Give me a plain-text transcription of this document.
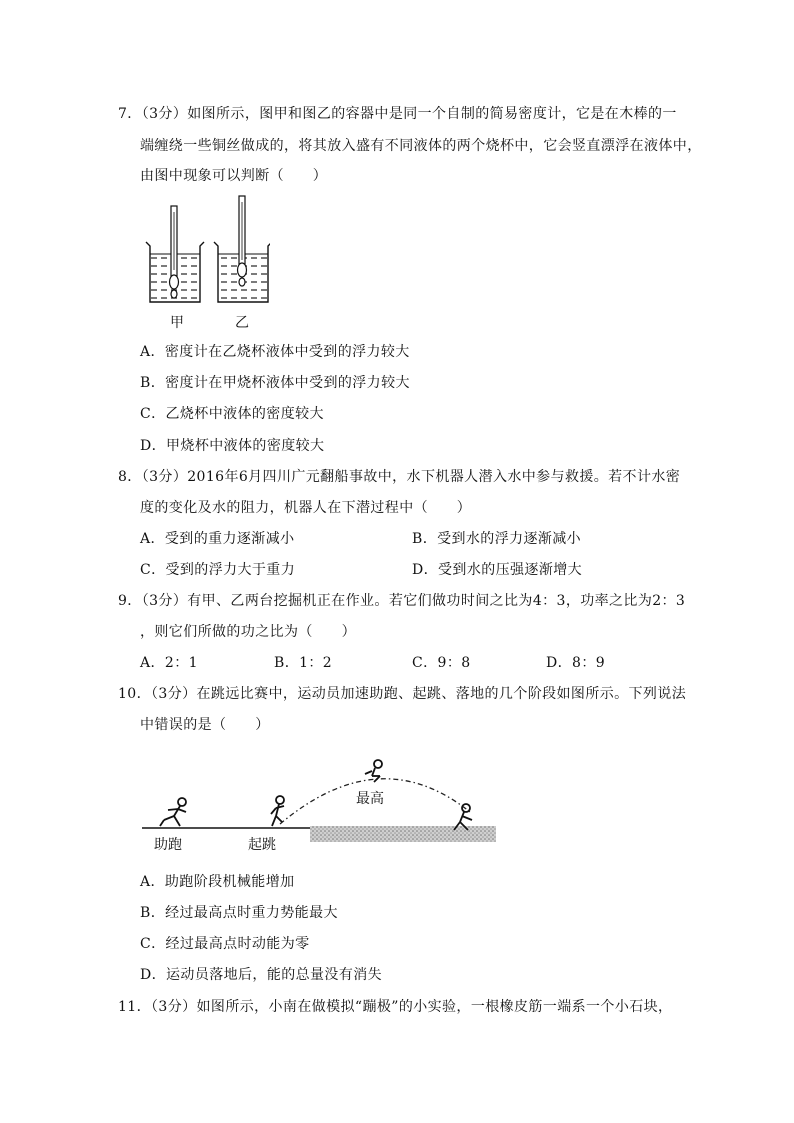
7．（3分）如图所示，图甲和图乙的容器中是同一个自制的简易密度计，它是在木棒的一
端缠绕一些铜丝做成的，将其放入盛有不同液体的两个烧杯中，它会竖直漂浮在液体中，
由图中现象可以判断（　　）
甲	乙
A．密度计在乙烧杯液体中受到的浮力较大
B．密度计在甲烧杯液体中受到的浮力较大
C．乙烧杯中液体的密度较大
D．甲烧杯中液体的密度较大
8．（3分）2016年6月四川广元翻船事故中，水下机器人潜入水中参与救援。若不计水密
度的变化及水的阻力，机器人在下潜过程中（　　）
A．受到的重力逐渐减小	B．受到水的浮力逐渐减小
C．受到的浮力大于重力	D．受到水的压强逐渐增大
9．（3分）有甲、乙两台挖掘机正在作业。若它们做功时间之比为4：3，功率之比为2：3
，则它们所做的功之比为（　　）
A．2：1	B．1：2	C．9：8	D．8：9
10．（3分）在跳远比赛中，运动员加速助跑、起跳、落地的几个阶段如图所示。下列说法
中错误的是（　　）
最高
助跑	起跳
A．助跑阶段机械能增加
B．经过最高点时重力势能最大
C．经过最高点时动能为零
D．运动员落地后，能的总量没有消失
11．（3分）如图所示，小南在做模拟“蹦极”的小实验，一根橡皮筋一端系一个小石块，
